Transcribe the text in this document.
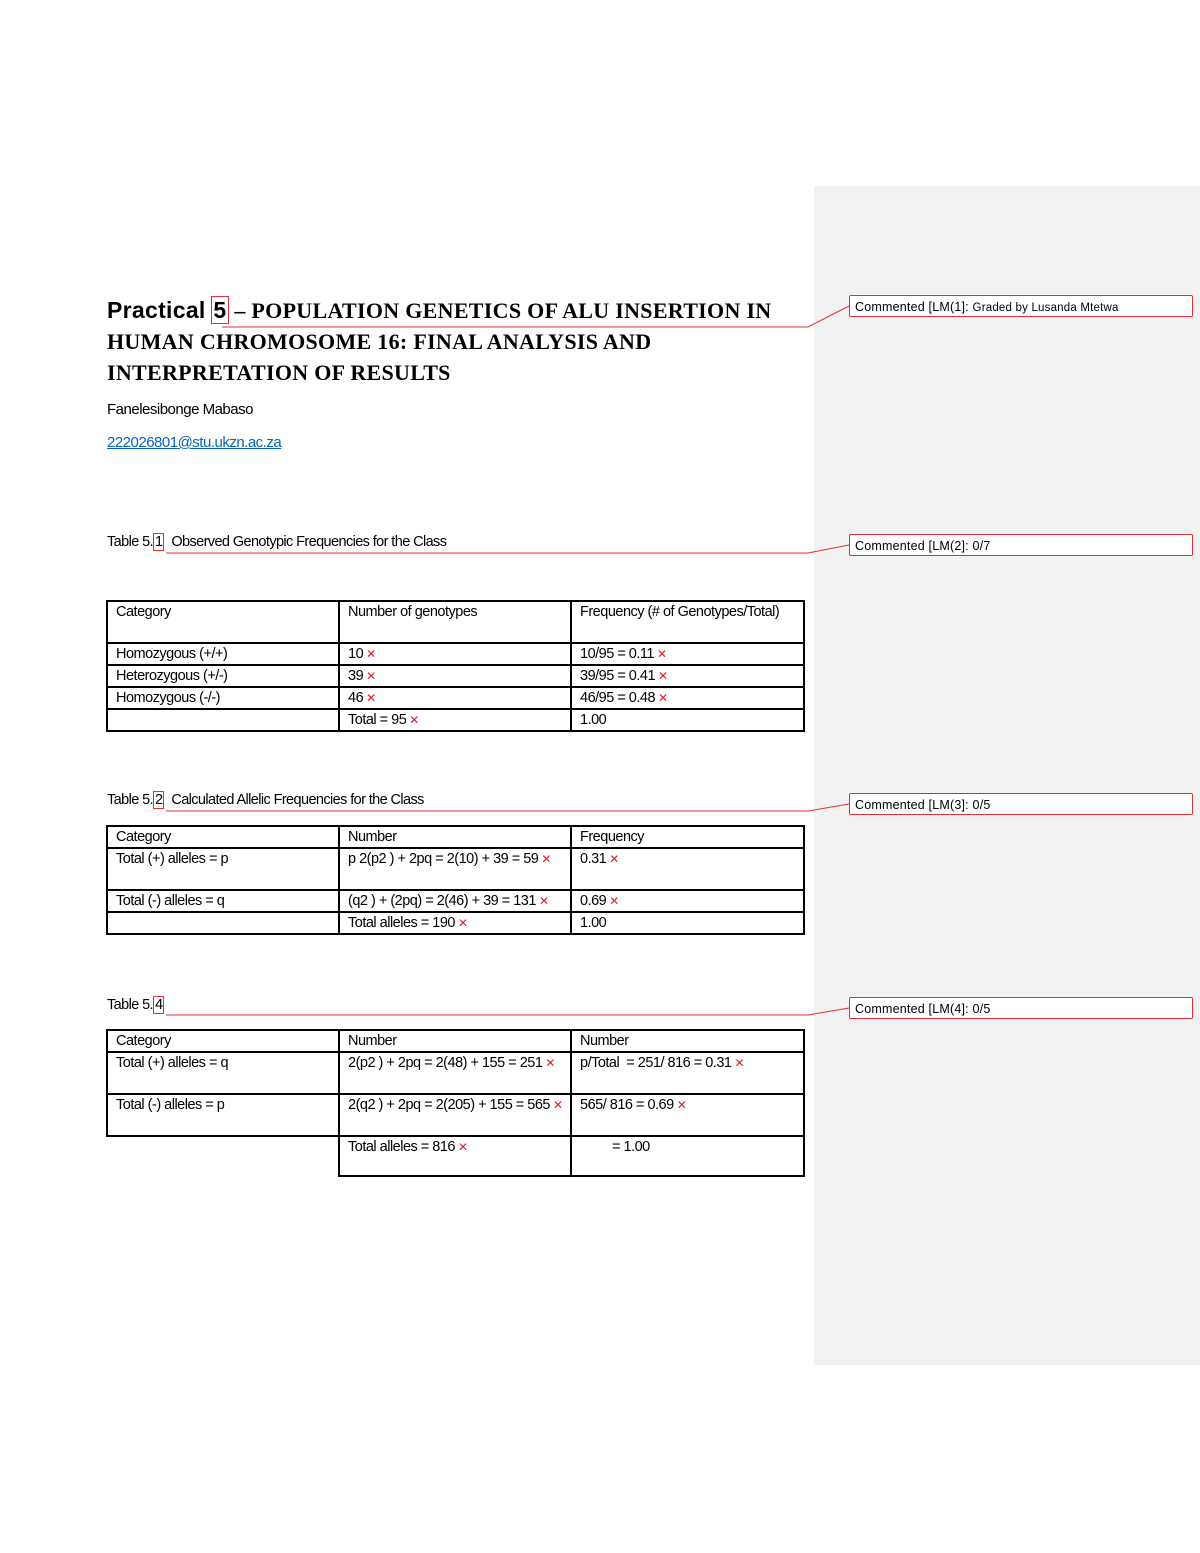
Practical 5 – POPULATION GENETICS OF ALU INSERTION IN
HUMAN CHROMOSOME 16: FINAL ANALYSIS AND
INTERPRETATION OF RESULTS
Fanelesibonge Mabaso
222026801@stu.ukzn.ac.za
Table 5. 1  Observed Genotypic Frequencies for the Class
Category	Number of genotypes	Frequency (# of Genotypes/Total)
Homozygous (+/+)	10 ✕	10/95 = 0.11 ✕
Heterozygous (+/-)	39 ✕	39/95 = 0.41 ✕
Homozygous (-/-)	46 ✕	46/95 = 0.48 ✕
	Total = 95 ✕	1.00
Table 5. 2  Calculated Allelic Frequencies for the Class
Category	Number	Frequency
Total (+) alleles = p	p 2(p2 ) + 2pq = 2(10) + 39 = 59 ✕	0.31 ✕
Total (-) alleles = q	(q2 ) + (2pq) = 2(46) + 39 = 131 ✕	0.69 ✕
	Total alleles = 190 ✕	1.00
Table 5. 4
Category	Number	Number
Total (+) alleles = q	2(p2 ) + 2pq = 2(48) + 155 = 251 ✕	p/Total  = 251/ 816 = 0.31 ✕
Total (-) alleles = p	2(q2 ) + 2pq = 2(205) + 155 = 565 ✕	565/ 816 = 0.69 ✕
	Total alleles = 816 ✕	= 1.00
Commented [LM(1]: Graded by Lusanda Mtetwa
Commented [LM(2]: 0/7
Commented [LM(3]: 0/5
Commented [LM(4]: 0/5
